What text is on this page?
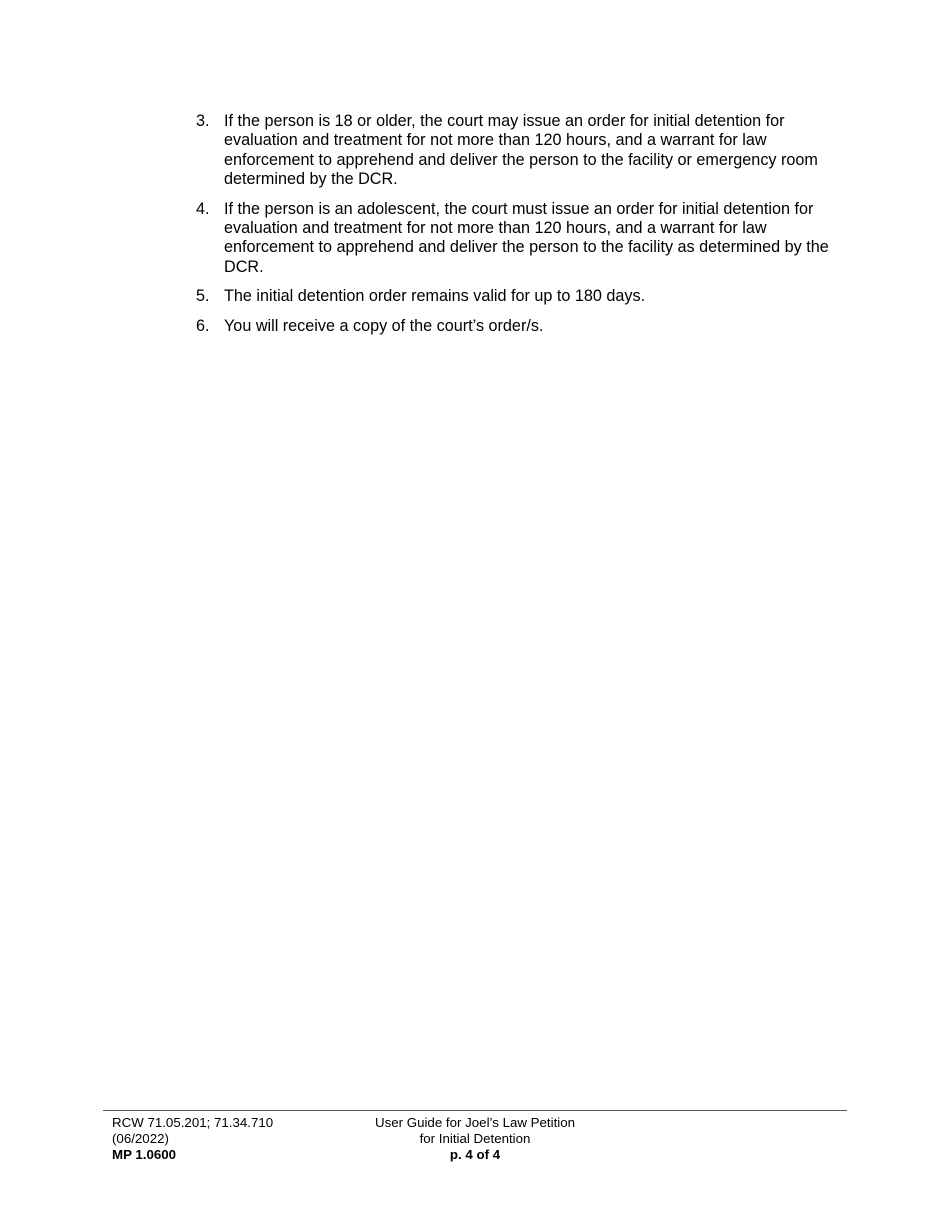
3. If the person is 18 or older, the court may issue an order for initial detention for evaluation and treatment for not more than 120 hours, and a warrant for law enforcement to apprehend and deliver the person to the facility or emergency room determined by the DCR.
4. If the person is an adolescent, the court must issue an order for initial detention for evaluation and treatment for not more than 120 hours, and a warrant for law enforcement to apprehend and deliver the person to the facility as determined by the DCR.
5. The initial detention order remains valid for up to 180 days.
6. You will receive a copy of the court’s order/s.
RCW 71.05.201; 71.34.710
(06/2022)
MP 1.0600
User Guide for Joel’s Law Petition
for Initial Detention
p. 4 of 4
